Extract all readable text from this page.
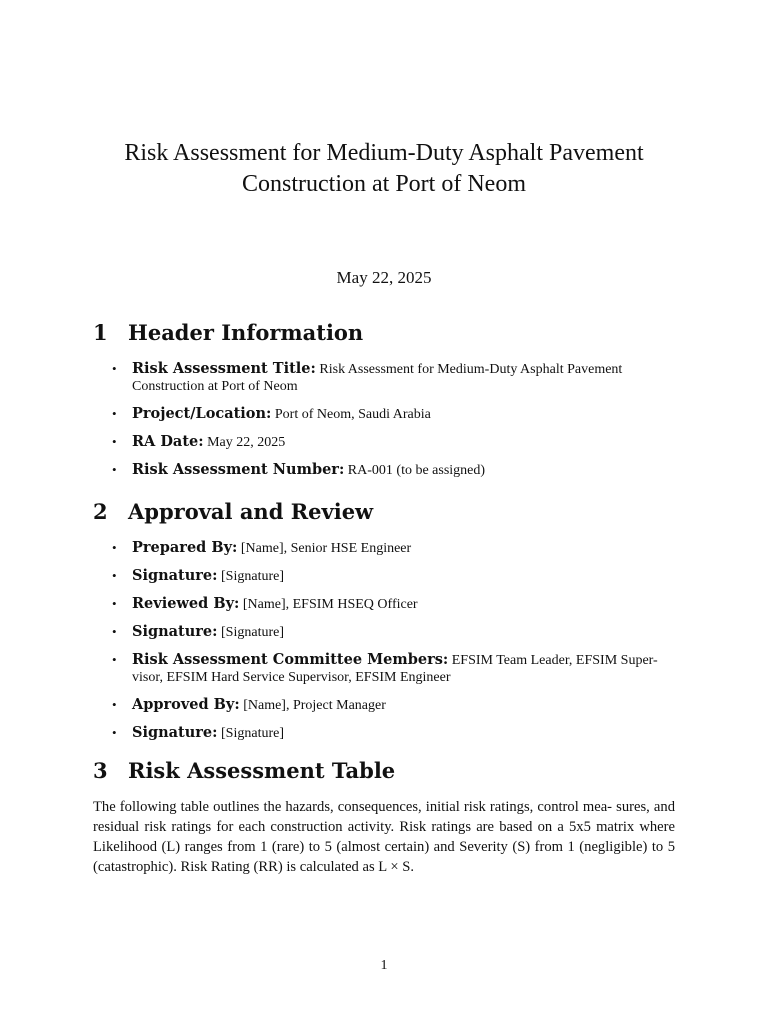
Risk Assessment for Medium-Duty Asphalt Pavement
Construction at Port of Neom
May 22, 2025
1 Header Information
• Risk Assessment Title: Risk Assessment for Medium-Duty Asphalt Pavement Construction at Port of Neom
• Project/Location: Port of Neom, Saudi Arabia
• RA Date: May 22, 2025
• Risk Assessment Number: RA-001 (to be assigned)
2 Approval and Review
• Prepared By: [Name], Senior HSE Engineer
• Signature: [Signature]
• Reviewed By: [Name], EFSIM HSEQ Officer
• Signature: [Signature]
• Risk Assessment Committee Members: EFSIM Team Leader, EFSIM Super- visor, EFSIM Hard Service Supervisor, EFSIM Engineer
• Approved By: [Name], Project Manager
• Signature: [Signature]
3 Risk Assessment Table

The following table outlines the hazards, consequences, initial risk ratings, control mea- sures, and residual risk ratings for each construction activity. Risk ratings are based on a 5x5 matrix where Likelihood (L) ranges from 1 (rare) to 5 (almost certain) and Severity (S) from 1 (negligible) to 5 (catastrophic). Risk Rating (RR) is calculated as L × S.

1
